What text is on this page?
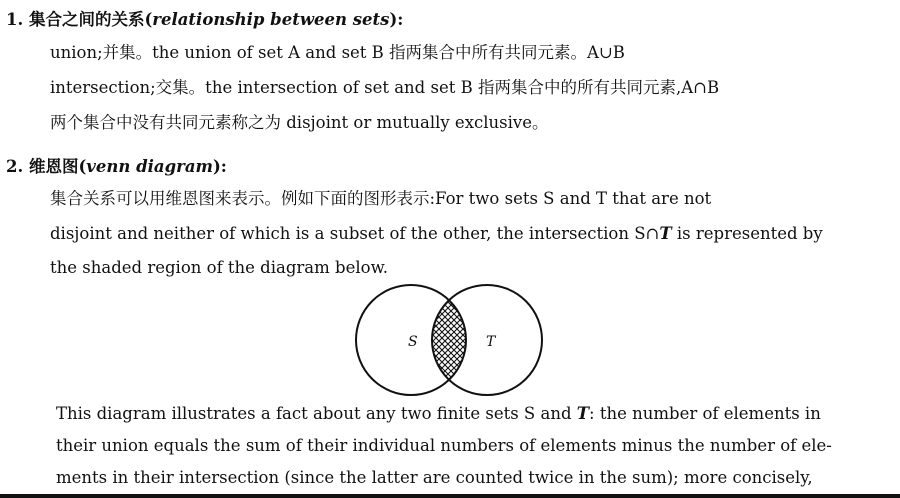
1. 集合之间的关系(relationship between sets):
union;并集。the union of set A and set B 指两集合中所有共同元素。A∪B
intersection;交集。the intersection of set and set B 指两集合中的所有共同元素,A∩B
两个集合中没有共同元素称之为 disjoint or mutually exclusive。
2. 维恩图(venn diagram):
集合关系可以用维恩图来表示。例如下面的图形表示:For two sets S and T that are not
disjoint and neither of which is a subset of the other, the intersection S∩T is represented by
the shaded region of the diagram below.
S	T
This diagram illustrates a fact about any two finite sets S and T: the number of elements in
their union equals the sum of their individual numbers of elements minus the number of ele-
ments in their intersection (since the latter are counted twice in the sum); more concisely,
